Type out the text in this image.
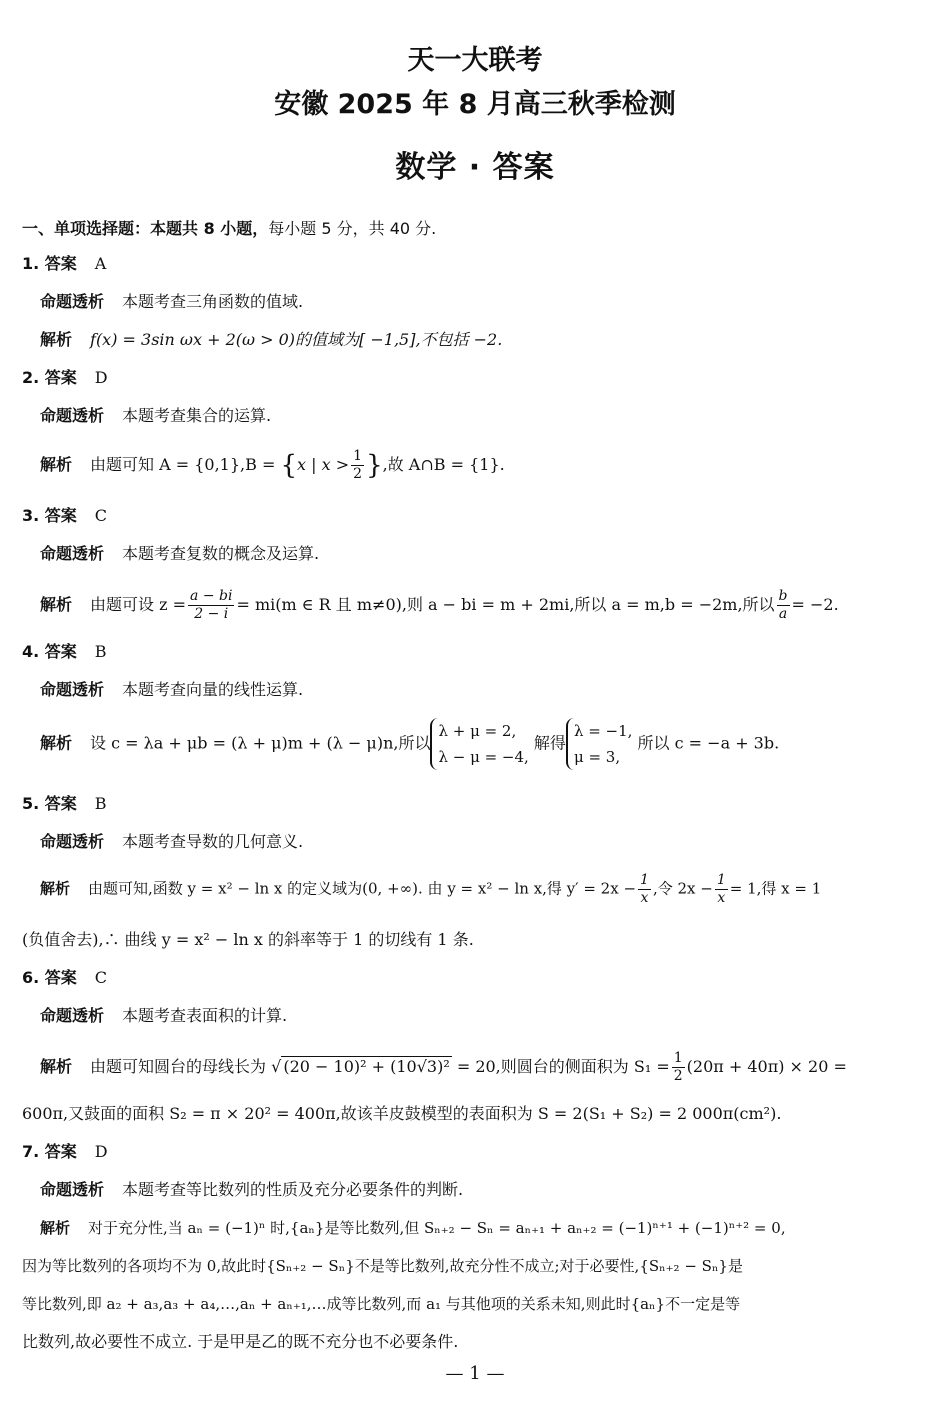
天一大联考
安徽 2025 年 8 月高三秋季检测
数学 · 答案
一、单项选择题：本题共 8 小题，每小题 5 分，共 40 分.
1. 答案 A
命题透析 本题考查三角函数的值域.
解析 f(x) = 3sin ωx + 2(ω > 0)的值域为[ −1,5],不包括 −2.
2. 答案 D
命题透析 本题考查集合的运算.
解析 由题可知 A = {0,1},B = {x | $x > \frac{1}{2}$ },故 A∩B = {1}.
3. 答案 C
命题透析 本题考查复数的概念及运算.
解析 由题可设 $z = \frac{a - bi}{2 - i} = mi(m$ ∈ R 且 m≠0),则 a − bi = m + 2mi,所以 a = m,b = −2m,所以 $\frac{b}{a} = -2$.
4. 答案 B
命题透析 本题考查向量的线性运算.
解析 设 c = λa + μb = (λ + μ)m + (λ − μ)n,所以
λ + μ = 2,
λ − μ = −4,
解得
λ = −1,
μ = 3,
所以 c = −a + 3b.
5. 答案 B
命题透析 本题考查导数的几何意义.
解析 由题可知,函数 y = x² − ln x 的定义域为(0, +∞). 由 y = x² − ln x,得 $y' = 2x - \frac{1}{x}$ ,令 $2x - \frac{1}{x} = 1$,得 x = 1
(负值舍去),∴ 曲线 y = x² − ln x 的斜率等于 1 的切线有 1 条.
6. 答案 C
命题透析 本题考查表面积的计算.
解析 由题可知圆台的母线长为 √ (20 − 10)² + (10√3)² = 20,则圆台的侧面积为 $S_1 = \frac{1}{2} (20\pi + 40\pi) \times 20$ =
600π,又鼓面的面积 S₂ = π × 20² = 400π,故该羊皮鼓模型的表面积为 S = 2(S₁ + S₂) = 2 000π(cm²).
7. 答案 D
命题透析 本题考查等比数列的性质及充分必要条件的判断.
解析 对于充分性,当 aₙ = (−1)ⁿ 时,{aₙ}是等比数列,但 Sₙ₊₂ − Sₙ = aₙ₊₁ + aₙ₊₂ = (−1)ⁿ⁺¹ + (−1)ⁿ⁺² = 0,
因为等比数列的各项均不为 0,故此时{Sₙ₊₂ − Sₙ}不是等比数列,故充分性不成立;对于必要性,{Sₙ₊₂ − Sₙ}是
等比数列,即 a₂ + a₃,a₃ + a₄,…,aₙ + aₙ₊₁,…成等比数列,而 a₁ 与其他项的关系未知,则此时{aₙ}不一定是等
比数列,故必要性不成立. 于是甲是乙的既不充分也不必要条件.
— 1 —
